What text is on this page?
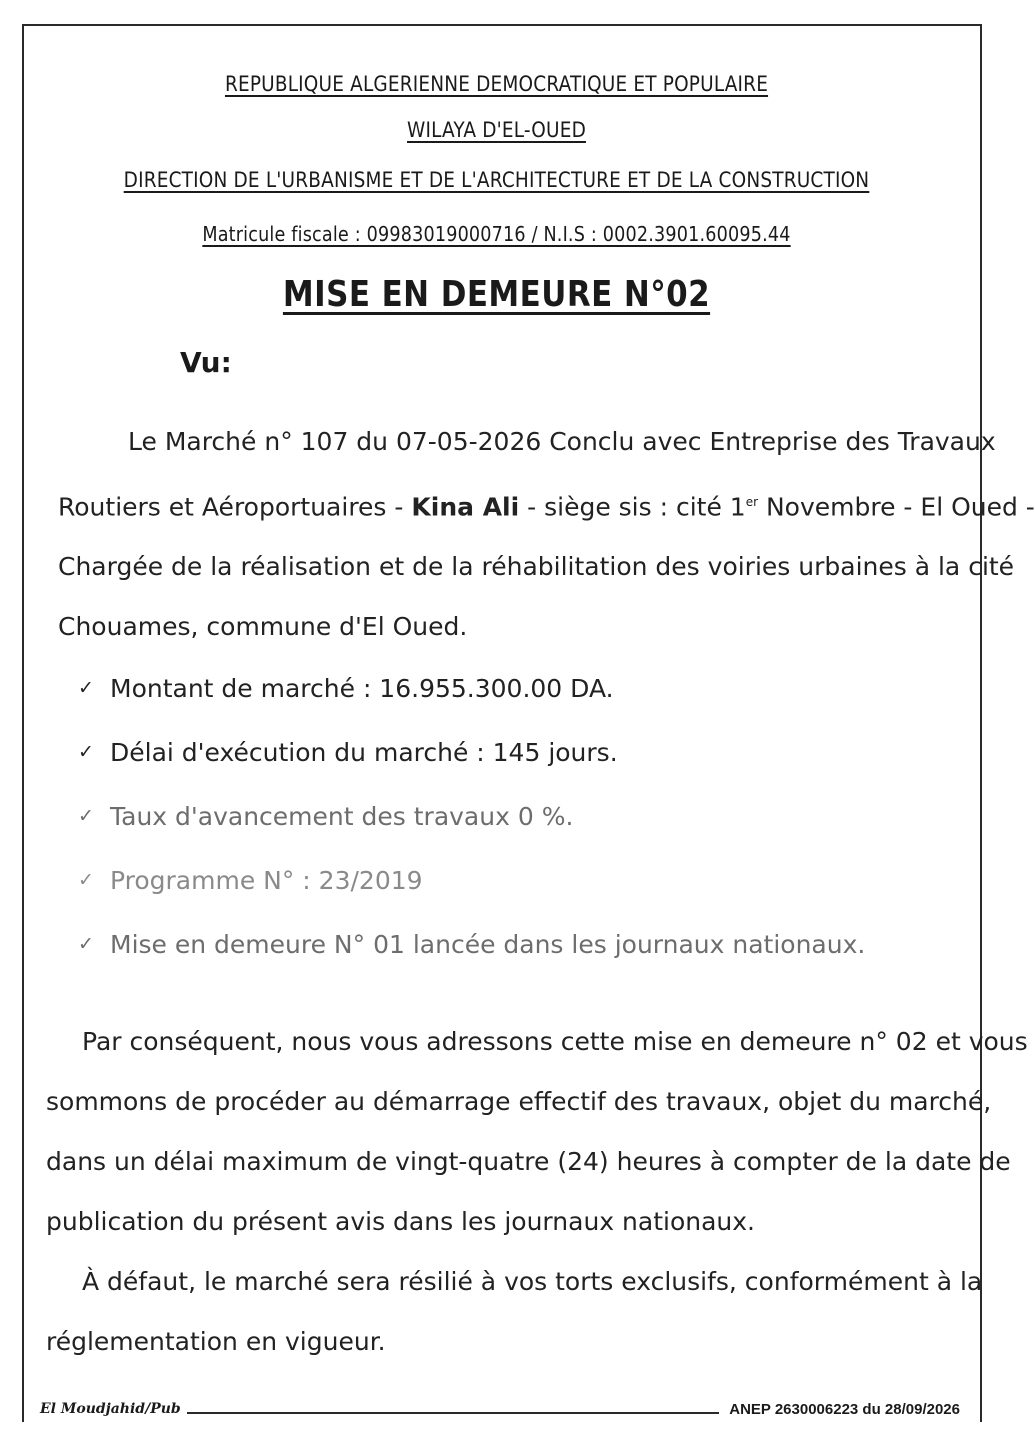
REPUBLIQUE ALGERIENNE DEMOCRATIQUE ET POPULAIRE
WILAYA D'EL-OUED
DIRECTION DE L'URBANISME ET DE L'ARCHITECTURE ET DE LA CONSTRUCTION
Matricule fiscale : 09983019000716 / N.I.S : 0002.3901.60095.44
MISE EN DEMEURE N°02
Vu:
Le Marché n° 107 du 07-05-2026 Conclu avec Entreprise des Travaux
Routiers et Aéroportuaires - Kina Ali - siège sis : cité 1er Novembre - El Oued -
Chargée de la réalisation et de la réhabilitation des voiries urbaines à la cité
Chouames, commune d'El Oued.
✓ Montant de marché : 16.955.300.00 DA.
✓ Délai d'exécution du marché : 145 jours.
✓ Taux d'avancement des travaux 0 %.
✓ Programme N° : 23/2019
✓ Mise en demeure N° 01 lancée dans les journaux nationaux.
Par conséquent, nous vous adressons cette mise en demeure n° 02 et vous
sommons de procéder au démarrage effectif des travaux, objet du marché,
dans un délai maximum de vingt-quatre (24) heures à compter de la date de
publication du présent avis dans les journaux nationaux.
À défaut, le marché sera résilié à vos torts exclusifs, conformément à la
réglementation en vigueur.
El Moudjahid/Pub	ANEP 2630006223 du 28/09/2026
